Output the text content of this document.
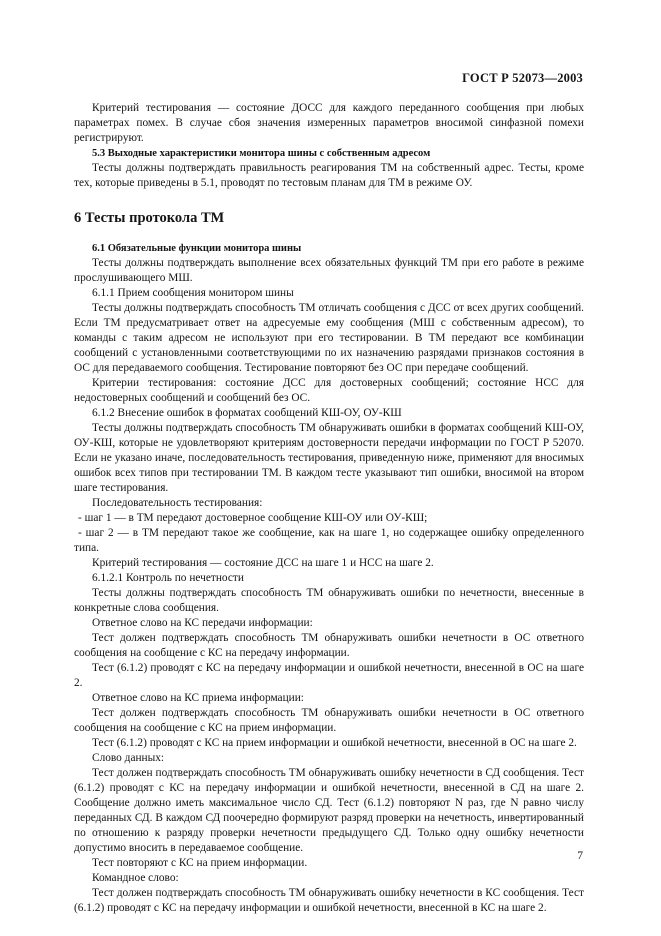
ГОСТ Р 52073—2003

Критерий тестирования — состояние ДОСС для каждого переданного сообщения при любых параметрах помех. В случае сбоя значения измеренных параметров вносимой синфазной помехи регистрируют.

5.3 Выходные характеристики монитора шины с собственным адресом

Тесты должны подтверждать правильность реагирования ТМ на собственный адрес. Тесты, кроме тех, которые приведены в 5.1, проводят по тестовым планам для ТМ в режиме ОУ.

6 Тесты протокола ТМ

6.1 Обязательные функции монитора шины

Тесты должны подтверждать выполнение всех обязательных функций ТМ при его работе в режиме прослушивающего МШ.

6.1.1 Прием сообщения монитором шины

Тесты должны подтверждать способность ТМ отличать сообщения с ДСС от всех других сообщений. Если ТМ предусматривает ответ на адресуемые ему сообщения (МШ с собственным адресом), то команды с таким адресом не используют при его тестировании. В ТМ передают все комбинации сообщений с установленными соответствующими по их назначению разрядами признаков состояния в ОС для передаваемого сообщения. Тестирование повторяют без ОС при передаче сообщений.

Критерии тестирования: состояние ДСС для достоверных сообщений; состояние НСС для недостоверных сообщений и сообщений без ОС.

6.1.2 Внесение ошибок в форматах сообщений КШ-ОУ, ОУ-КШ

Тесты должны подтверждать способность ТМ обнаруживать ошибки в форматах сообщений КШ-ОУ, ОУ-КШ, которые не удовлетворяют критериям достоверности передачи информации по ГОСТ Р 52070. Если не указано иначе, последовательность тестирования, приведенную ниже, применяют для вносимых ошибок всех типов при тестировании ТМ. В каждом тесте указывают тип ошибки, вносимой на втором шаге тестирования.

Последовательность тестирования:

- шаг 1 — в ТМ передают достоверное сообщение КШ-ОУ или ОУ-КШ;

- шаг 2 — в ТМ передают такое же сообщение, как на шаге 1, но содержащее ошибку определенного типа.

Критерий тестирования — состояние ДСС на шаге 1 и НСС на шаге 2.

6.1.2.1 Контроль по нечетности

Тесты должны подтверждать способность ТМ обнаруживать ошибки по нечетности, внесенные в конкретные слова сообщения.

Ответное слово на КС передачи информации:

Тест должен подтверждать способность ТМ обнаруживать ошибки нечетности в ОС ответного сообщения на сообщение с КС на передачу информации.

Тест (6.1.2) проводят с КС на передачу информации и ошибкой нечетности, внесенной в ОС на шаге 2.

Ответное слово на КС приема информации:

Тест должен подтверждать способность ТМ обнаруживать ошибки нечетности в ОС ответного сообщения на сообщение с КС на прием информации.

Тест (6.1.2) проводят с КС на прием информации и ошибкой нечетности, внесенной в ОС на шаге 2.

Слово данных:

Тест должен подтверждать способность ТМ обнаруживать ошибку нечетности в СД сообщения. Тест (6.1.2) проводят с КС на передачу информации и ошибкой нечетности, внесенной в СД на шаге 2. Сообщение должно иметь максимальное число СД. Тест (6.1.2) повторяют N раз, где N равно числу переданных СД. В каждом СД поочередно формируют разряд проверки на нечетность, инвертированный по отношению к разряду проверки нечетности предыдущего СД. Только одну ошибку нечетности допустимо вносить в передаваемое сообщение.

Тест повторяют с КС на прием информации.

Командное слово:

Тест должен подтверждать способность ТМ обнаруживать ошибку нечетности в КС сообщения. Тест (6.1.2) проводят с КС на передачу информации и ошибкой нечетности, внесенной в КС на шаге 2.

7
